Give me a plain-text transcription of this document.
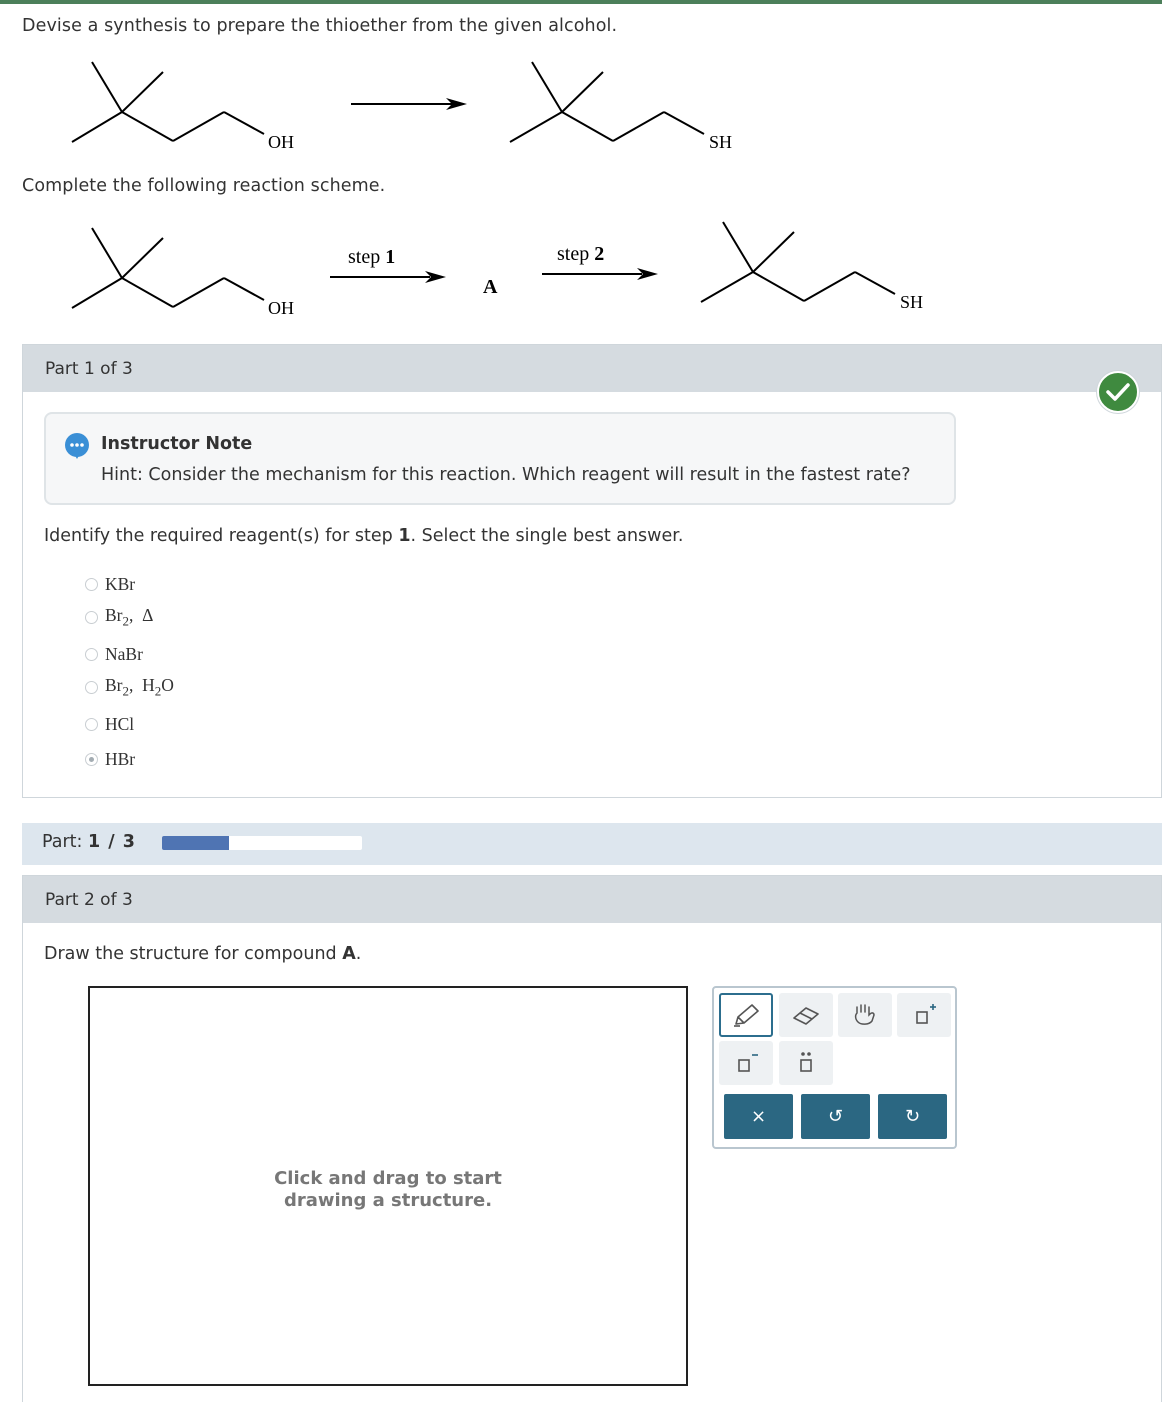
Devise a synthesis to prepare the thioether from the given alcohol.
OH	SH
OH
step 1
A
step 2
SH
Complete the following reaction scheme.
Part 1 of 3
Instructor Note
Hint: Consider the mechanism for this reaction. Which reagent will result in the fastest rate?
Identify the required reagent(s) for step 1. Select the single best answer.
KBr
$Br_2$, Δ
NaBr
$Br_2$, $H_2O$
HCl
HBr
Part: 1 / 3
Part 2 of 3
Draw the structure for compound A.
Click and drag to start
drawing a structure.
×	↺	↻
